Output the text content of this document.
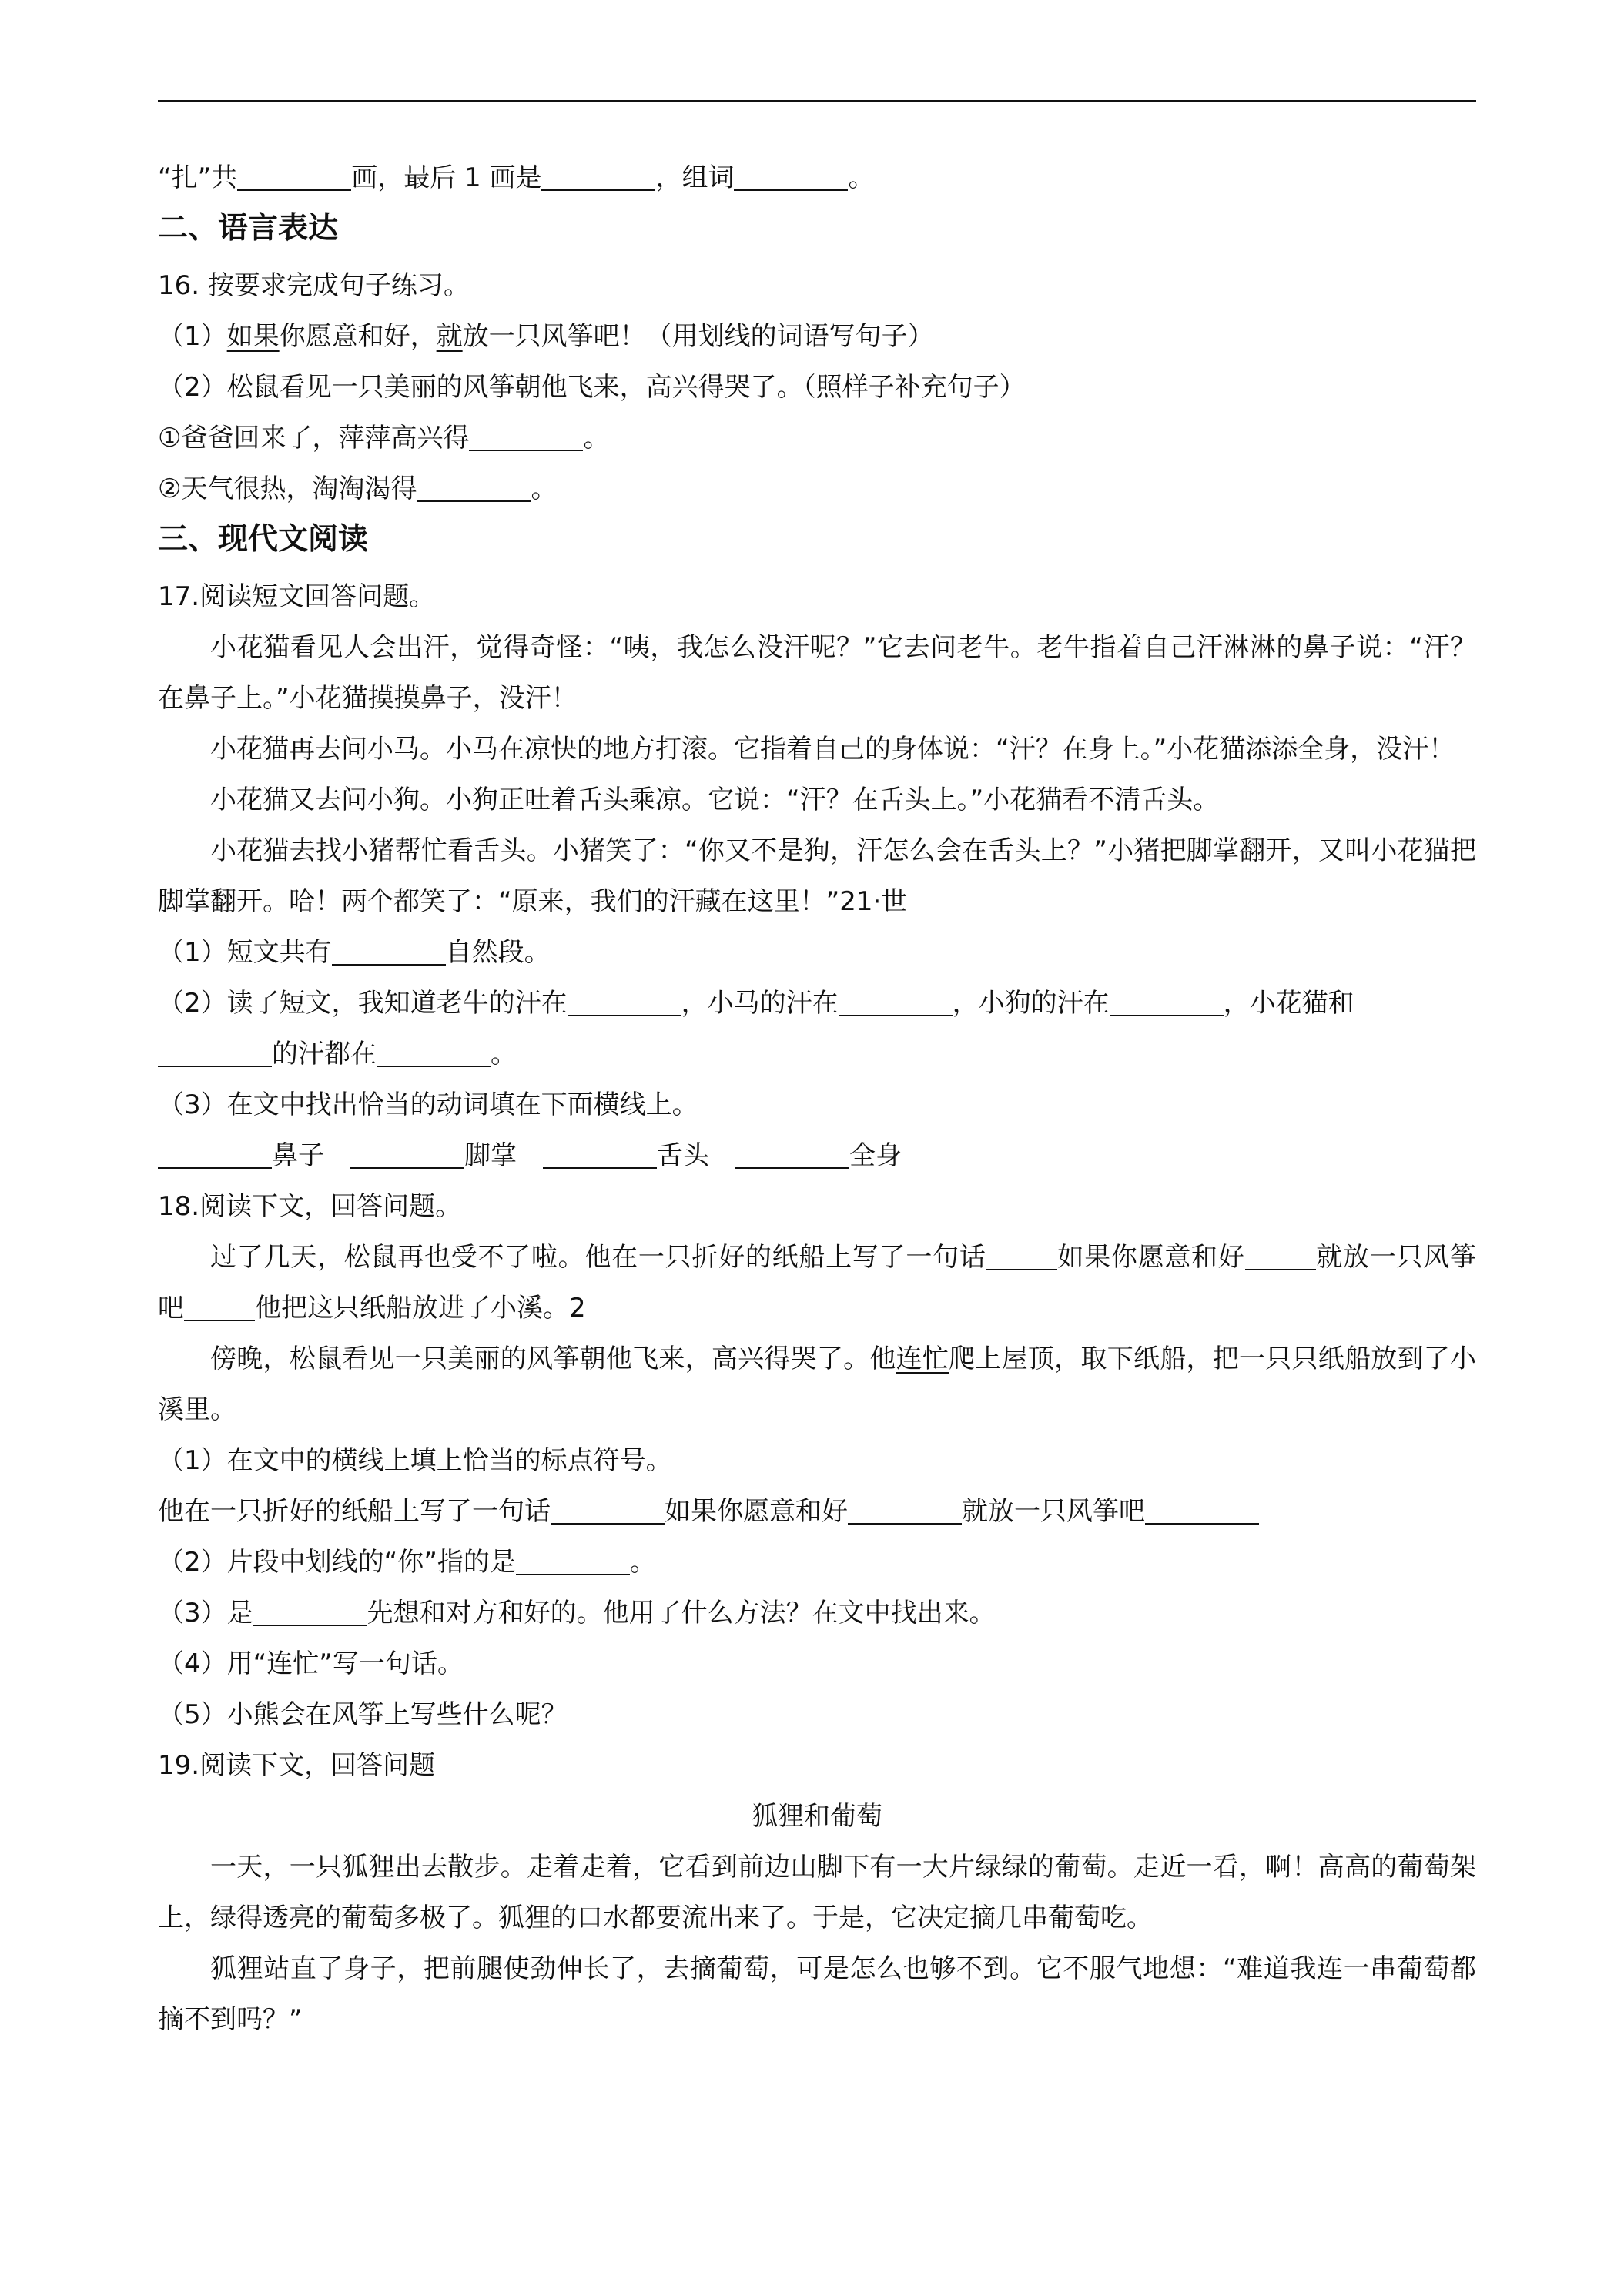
“扎”共	画，最后 1 画是	，组词	。
二、语言表达
16. 按要求完成句子练习。
（1）如果你愿意和好，就放一只风筝吧！（用划线的词语写句子）
（2）松鼠看见一只美丽的风筝朝他飞来，高兴得哭了。（照样子补充句子）
①爸爸回来了，萍萍高兴得	。
②天气很热，淘淘渴得	。
三、现代文阅读
17.阅读短文回答问题。
小花猫看见人会出汗，觉得奇怪：“咦，我怎么没汗呢？”它去问老牛。老牛指着自己汗淋淋的鼻子说：“汗？在鼻子上。”小花猫摸摸鼻子，没汗！
小花猫再去问小马。小马在凉快的地方打滚。它指着自己的身体说：“汗？在身上。”小花猫添添全身，没汗！
小花猫又去问小狗。小狗正吐着舌头乘凉。它说：“汗？在舌头上。”小花猫看不清舌头。
小花猫去找小猪帮忙看舌头。小猪笑了：“你又不是狗，汗怎么会在舌头上？”小猪把脚掌翻开，又叫小花猫把脚掌翻开。哈！两个都笑了：“原来，我们的汗藏在这里！”21·世
（1）短文共有	自然段。
（2）读了短文，我知道老牛的汗在	，小马的汗在	，小狗的汗在	，小花猫和
的汗都在	。
（3）在文中找出恰当的动词填在下面横线上。
鼻子	脚掌	舌头	全身
18.阅读下文，回答问题。
过了几天，松鼠再也受不了啦。他在一只折好的纸船上写了一句话	如果你愿意和好	就放一只风筝吧	他把这只纸船放进了小溪。2
傍晚，松鼠看见一只美丽的风筝朝他飞来，高兴得哭了。他连忙爬上屋顶，取下纸船，把一只只纸船放到了小溪里。
（1）在文中的横线上填上恰当的标点符号。
他在一只折好的纸船上写了一句话	如果你愿意和好	就放一只风筝吧
（2）片段中划线的“你”指的是	。
（3）是	先想和对方和好的。他用了什么方法？在文中找出来。
（4）用“连忙”写一句话。
（5）小熊会在风筝上写些什么呢？
19.阅读下文，回答问题
狐狸和葡萄
一天，一只狐狸出去散步。走着走着，它看到前边山脚下有一大片绿绿的葡萄。走近一看，啊！高高的葡萄架上，绿得透亮的葡萄多极了。狐狸的口水都要流出来了。于是，它决定摘几串葡萄吃。
狐狸站直了身子，把前腿使劲伸长了，去摘葡萄，可是怎么也够不到。它不服气地想：“难道我连一串葡萄都摘不到吗？”
